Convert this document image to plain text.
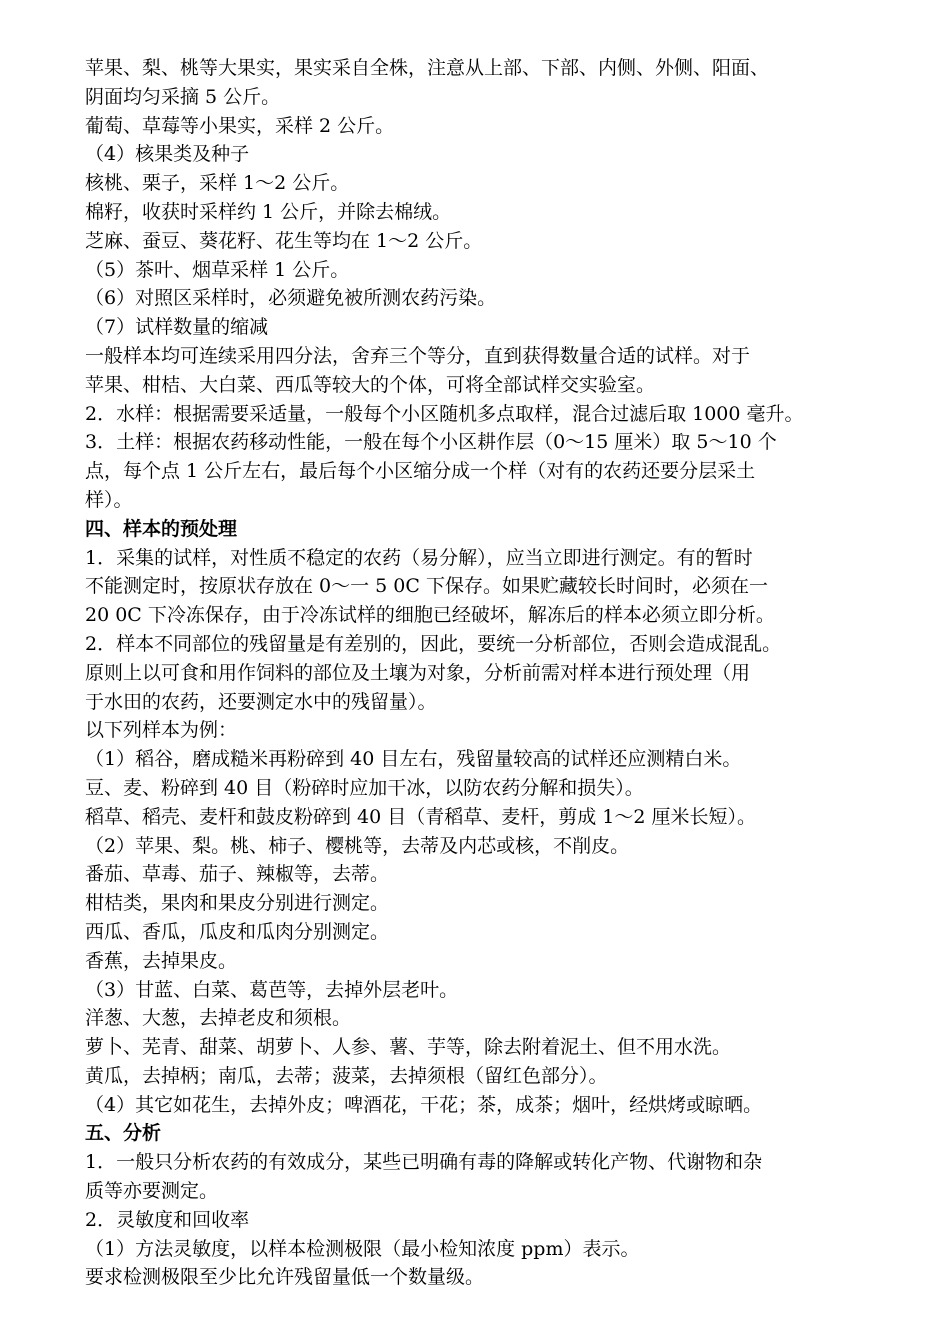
苹果、梨、桃等大果实，果实采自全株，注意从上部、下部、内侧、外侧、阳面、

阴面均匀采摘 5 公斤。

葡萄、草莓等小果实，采样 2 公斤。

（4）核果类及种子

核桃、栗子，采样 1～2 公斤。

棉籽，收获时采样约 1 公斤，并除去棉绒。

芝麻、蚕豆、葵花籽、花生等均在 1～2 公斤。

（5）茶叶、烟草采样 1 公斤。

（6）对照区采样时，必须避免被所测农药污染。

（7）试样数量的缩减

一般样本均可连续采用四分法，舍弃三个等分，直到获得数量合适的试样。对于

苹果、柑桔、大白菜、西瓜等较大的个体，可将全部试样交实验室。

2．水样：根据需要采适量，一般每个小区随机多点取样，混合过滤后取 1000 毫升。

3．土样：根据农药移动性能，一般在每个小区耕作层（0～15 厘米）取 5～10 个

点，每个点 1 公斤左右，最后每个小区缩分成一个样（对有的农药还要分层采土

样）。

四、样本的预处理

1．采集的试样，对性质不稳定的农药（易分解），应当立即进行测定。有的暂时

不能测定时，按原状存放在 0～一 5 0C 下保存。如果贮藏较长时间时，必须在一

20 0C 下冷冻保存，由于冷冻试样的细胞已经破坏，解冻后的样本必须立即分析。

2．样本不同部位的残留量是有差别的，因此，要统一分析部位，否则会造成混乱。

原则上以可食和用作饲料的部位及土壤为对象，分析前需对样本进行预处理（用

于水田的农药，还要测定水中的残留量）。

以下列样本为例：

（1）稻谷，磨成糙米再粉碎到 40 目左右，残留量较高的试样还应测精白米。

豆、麦、粉碎到 40 目（粉碎时应加干冰，以防农药分解和损失）。

稻草、稻壳、麦杆和鼓皮粉碎到 40 目（青稻草、麦杆，剪成 1～2 厘米长短）。

（2）苹果、梨。桃、柿子、樱桃等，去蒂及内芯或核，不削皮。

番茄、草毒、茄子、辣椒等，去蒂。

柑桔类，果肉和果皮分别进行测定。

西瓜、香瓜，瓜皮和瓜肉分别测定。

香蕉，去掉果皮。

（3）甘蓝、白菜、葛芭等，去掉外层老叶。

洋葱、大葱，去掉老皮和须根。

萝卜、芜青、甜菜、胡萝卜、人参、薯、芋等，除去附着泥土、但不用水洗。

黄瓜，去掉柄；南瓜，去蒂；菠菜，去掉须根（留红色部分）。

（4）其它如花生，去掉外皮；啤酒花，干花；茶，成茶；烟叶，经烘烤或晾晒。

五、分析

1．一般只分析农药的有效成分，某些已明确有毒的降解或转化产物、代谢物和杂

质等亦要测定。

2．灵敏度和回收率

（1）方法灵敏度，以样本检测极限（最小检知浓度 ppm）表示。

要求检测极限至少比允许残留量低一个数量级。
